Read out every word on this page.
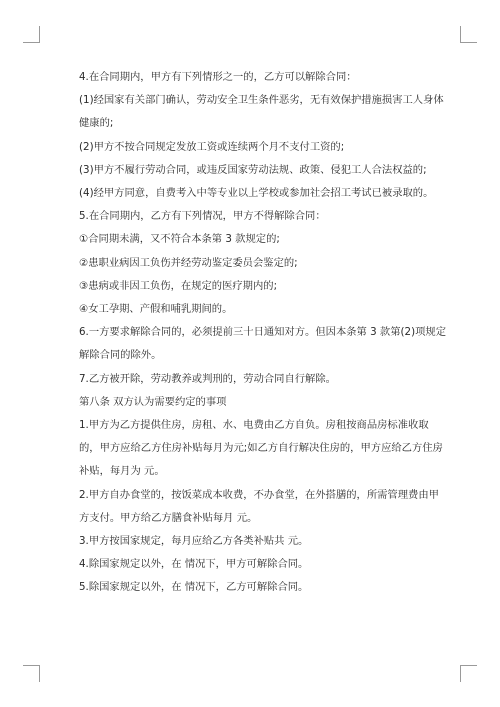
4.在合同期内，甲方有下列情形之一的，乙方可以解除合同：

(1)经国家有关部门确认，劳动安全卫生条件恶劣，无有效保护措施损害工人身体健康的;

(2)甲方不按合同规定发放工资或连续两个月不支付工资的;

(3)甲方不履行劳动合同，或违反国家劳动法规、政策、侵犯工人合法权益的;

(4)经甲方同意，自费考入中等专业以上学校或参加社会招工考试已被录取的。

5.在合同期内，乙方有下列情况，甲方不得解除合同：

①合同期未满，又不符合本条第 3 款规定的;

②患职业病因工负伤并经劳动鉴定委员会鉴定的;

③患病或非因工负伤，在规定的医疗期内的;

④女工孕期、产假和哺乳期间的。

6.一方要求解除合同的，必须提前三十日通知对方。但因本条第 3 款第(2)项规定解除合同的除外。

7.乙方被开除，劳动教养或判刑的，劳动合同自行解除。

第八条 双方认为需要约定的事项

1.甲方为乙方提供住房，房租、水、电费由乙方自负。房租按商品房标准收取的，甲方应给乙方住房补贴每月为元;如乙方自行解决住房的，甲方应给乙方住房补贴，每月为 元。

2.甲方自办食堂的，按饭菜成本收费，不办食堂，在外搭膳的，所需管理费由甲方支付。甲方给乙方膳食补贴每月 元。

3.甲方按国家规定，每月应给乙方各类补贴共 元。

4.除国家规定以外，在 情况下，甲方可解除合同。

5.除国家规定以外，在 情况下，乙方可解除合同。
